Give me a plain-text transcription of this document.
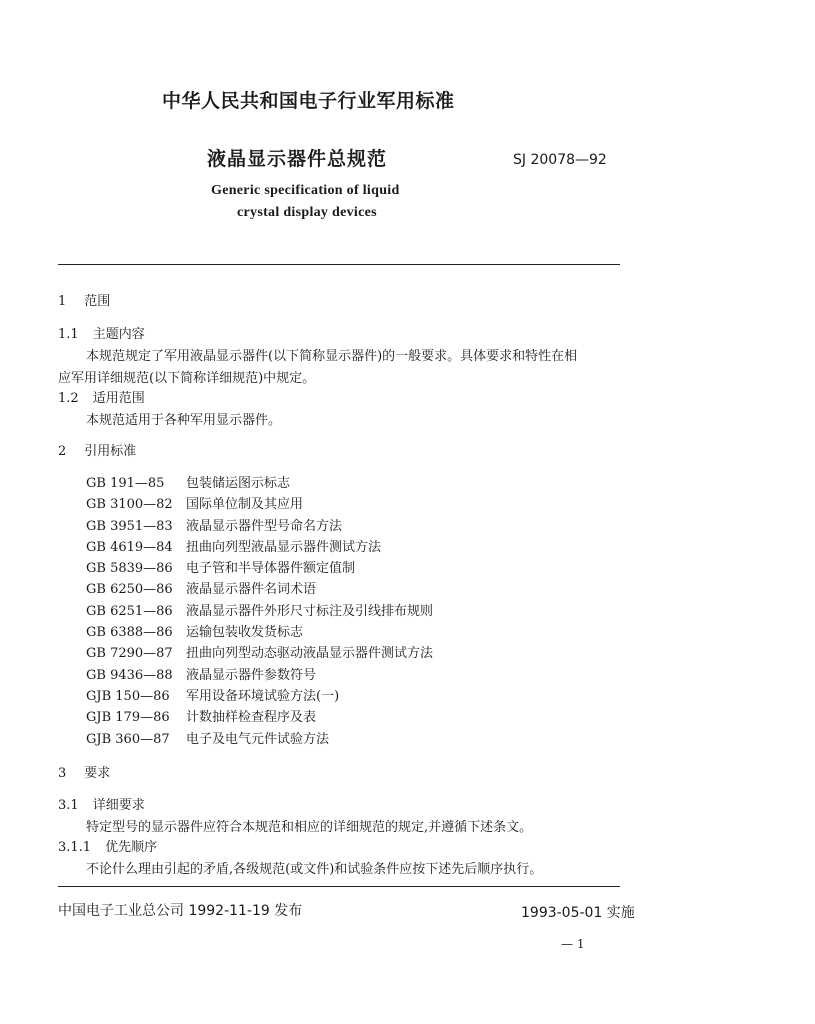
中华人民共和国电子行业军用标准
液晶显示器件总规范	SJ 20078—92
Generic specification of liquid
crystal display devices
1 范围
1.1 主题内容
本规范规定了军用液晶显示器件(以下简称显示器件)的一般要求。具体要求和特性在相
应军用详细规范(以下简称详细规范)中规定。
1.2 适用范围
本规范适用于各种军用显示器件。
2 引用标准
GB 191—85 包装储运图示标志
GB 3100—82 国际单位制及其应用
GB 3951—83 液晶显示器件型号命名方法
GB 4619—84 扭曲向列型液晶显示器件测试方法
GB 5839—86 电子管和半导体器件额定值制
GB 6250—86 液晶显示器件名词术语
GB 6251—86 液晶显示器件外形尺寸标注及引线排布规则
GB 6388—86 运输包装收发货标志
GB 7290—87 扭曲向列型动态驱动液晶显示器件测试方法
GB 9436—88 液晶显示器件参数符号
GJB 150—86 军用设备环境试验方法(一)
GJB 179—86 计数抽样检查程序及表
GJB 360—87 电子及电气元件试验方法
3 要求
3.1 详细要求
特定型号的显示器件应符合本规范和相应的详细规范的规定,并遵循下述条文。
3.1.1 优先顺序
不论什么理由引起的矛盾,各级规范(或文件)和试验条件应按下述先后顺序执行。
中国电子工业总公司 1992-11-19 发布	1993-05-01 实施
— 1
